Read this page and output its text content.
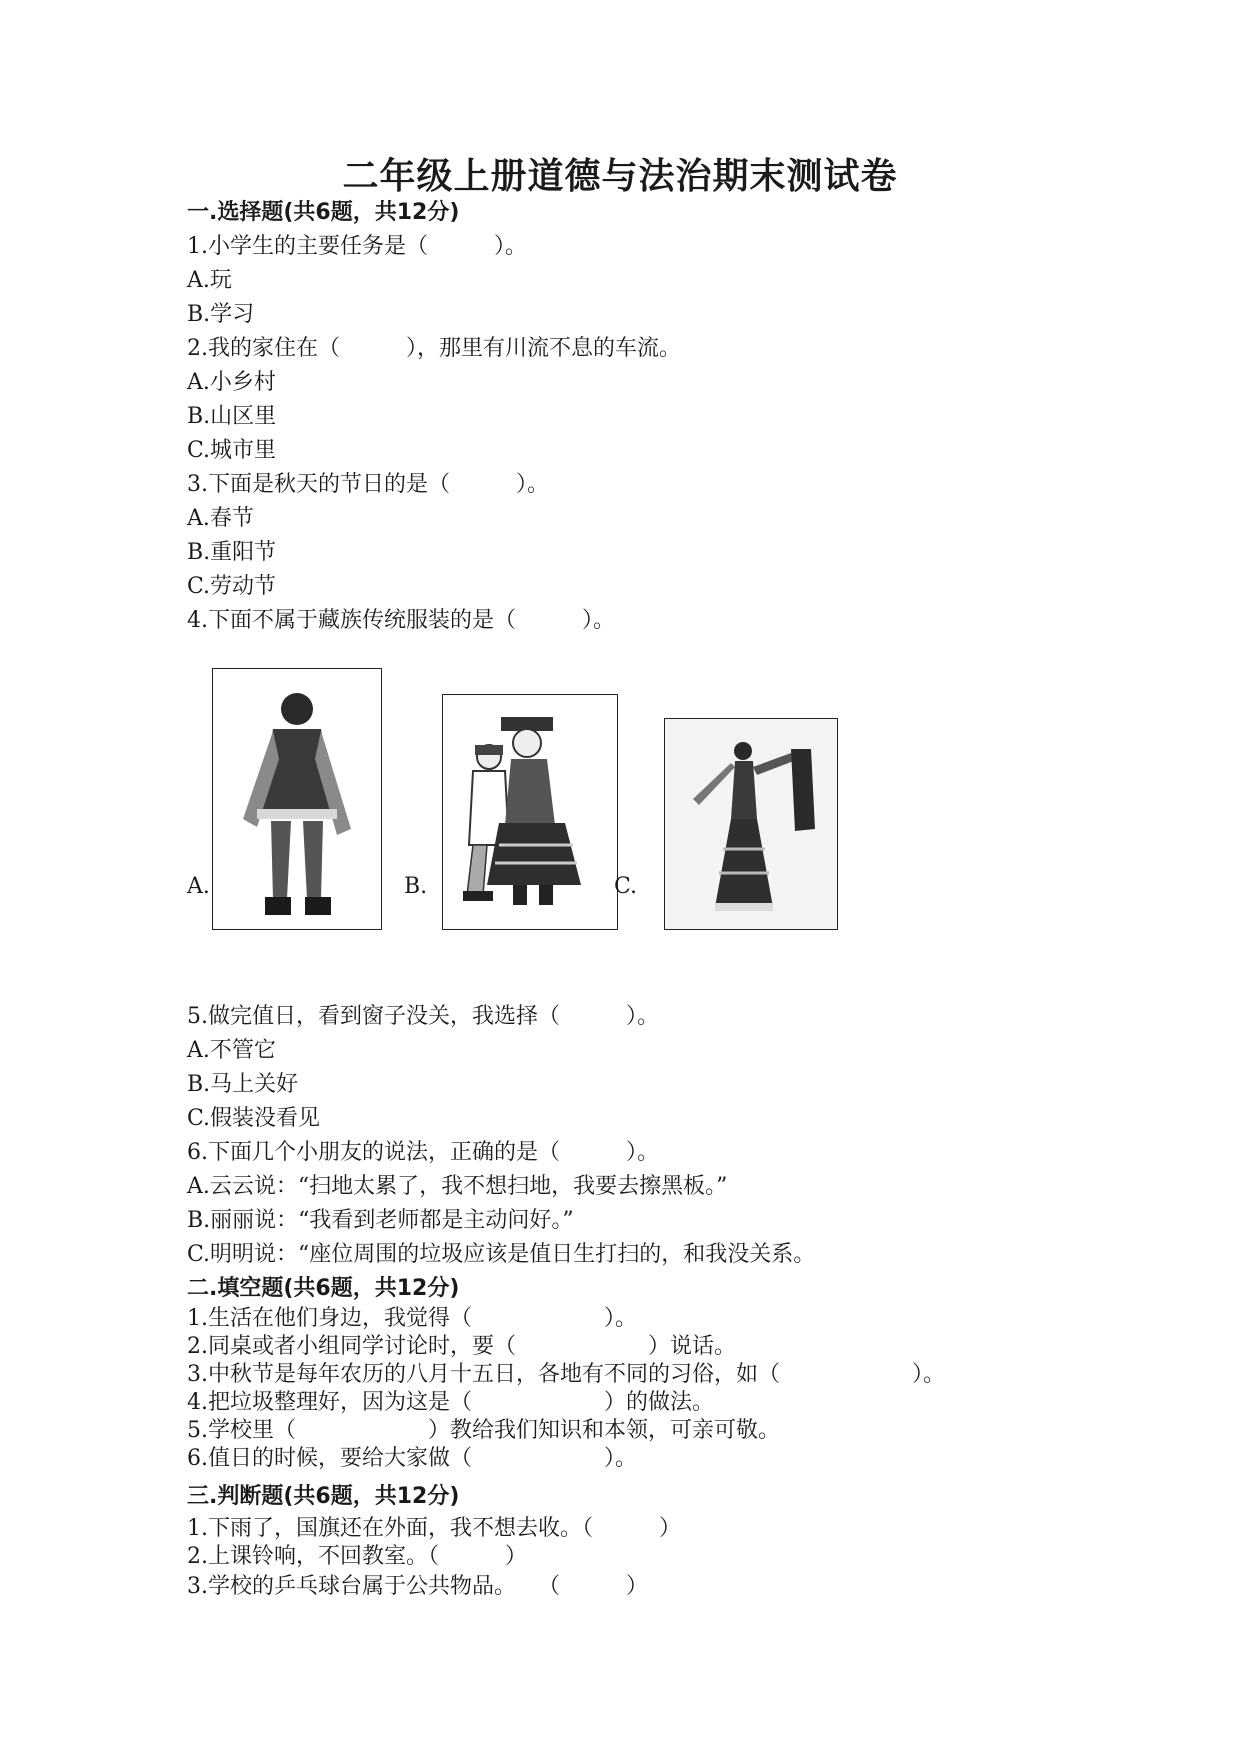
二年级上册道德与法治期末测试卷
一.选择题(共6题，共12分)
1.小学生的主要任务是（　　　）。
A.玩
B.学习
2.我的家住在（　　　），那里有川流不息的车流。
A.小乡村
B.山区里
C.城市里
3.下面是秋天的节日的是（　　　）。
A.春节
B.重阳节
C.劳动节
4.下面不属于藏族传统服装的是（　　　）。
A.	B.	C.
5.做完值日，看到窗子没关，我选择（　　　）。
A.不管它
B.马上关好
C.假装没看见
6.下面几个小朋友的说法，正确的是（　　　）。
A.云云说：“扫地太累了，我不想扫地，我要去擦黑板。”
B.丽丽说：“我看到老师都是主动问好。”
C.明明说：“座位周围的垃圾应该是值日生打扫的，和我没关系。
二.填空题(共6题，共12分)
1.生活在他们身边，我觉得（　　　　　　）。
2.同桌或者小组同学讨论时，要（　　　　　　）说话。
3.中秋节是每年农历的八月十五日，各地有不同的习俗，如（　　　　　　）。
4.把垃圾整理好，因为这是（　　　　　　）的做法。
5.学校里（　　　　　　）教给我们知识和本领，可亲可敬。
6.值日的时候，要给大家做（　　　　　　）。
三.判断题(共6题，共12分)
1.下雨了，国旗还在外面，我不想去收。（　　　）
2.上课铃响，不回教室。（　　　）
3.学校的乒乓球台属于公共物品。　　（　　　）
